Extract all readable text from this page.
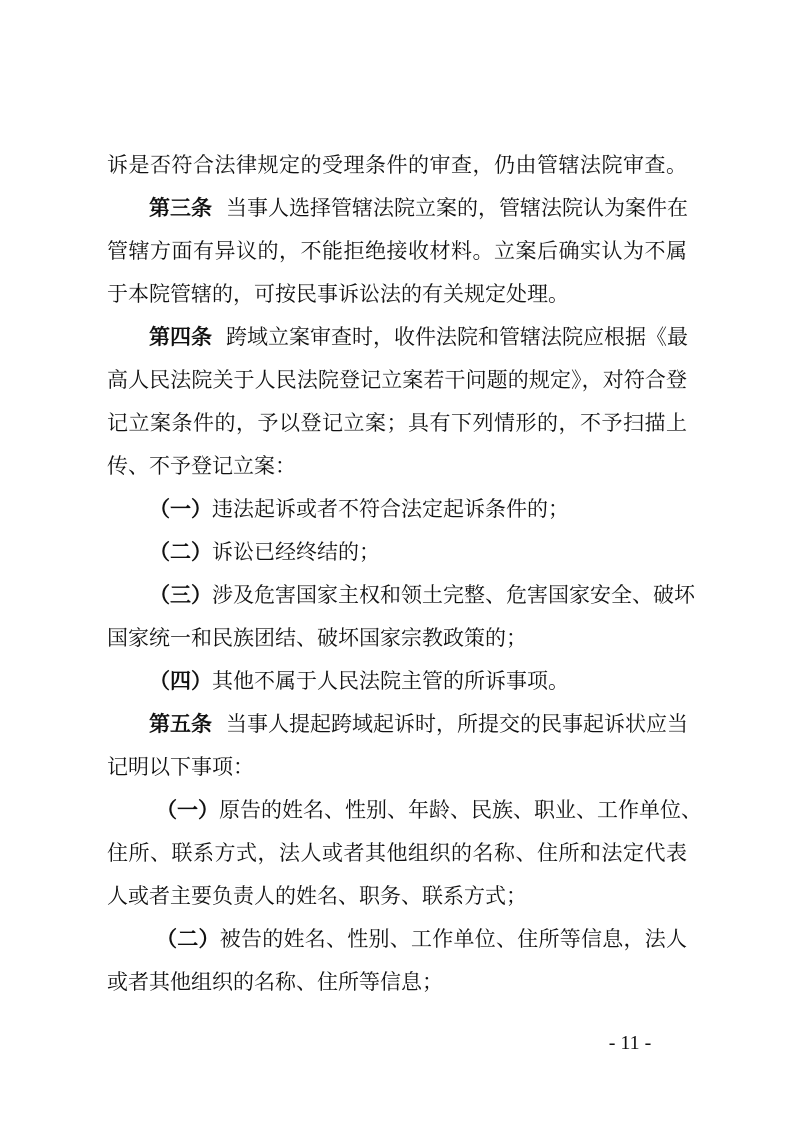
诉是否符合法律规定的受理条件的审查，仍由管辖法院审查。
第三条 当事人选择管辖法院立案的，管辖法院认为案件在
管辖方面有异议的，不能拒绝接收材料。立案后确实认为不属
于本院管辖的，可按民事诉讼法的有关规定处理。
第四条 跨域立案审查时，收件法院和管辖法院应根据《最
高人民法院关于人民法院登记立案若干问题的规定》，对符合登
记立案条件的，予以登记立案；具有下列情形的，不予扫描上
传、不予登记立案：
（一）违法起诉或者不符合法定起诉条件的；
（二）诉讼已经终结的；
（三）涉及危害国家主权和领土完整、危害国家安全、破坏
国家统一和民族团结、破坏国家宗教政策的；
（四）其他不属于人民法院主管的所诉事项。
第五条 当事人提起跨域起诉时，所提交的民事起诉状应当
记明以下事项：
（一）原告的姓名、性别、年龄、民族、职业、工作单位、
住所、联系方式，法人或者其他组织的名称、住所和法定代表
人或者主要负责人的姓名、职务、联系方式；
（二）被告的姓名、性别、工作单位、住所等信息，法人
或者其他组织的名称、住所等信息；
- 11 -
